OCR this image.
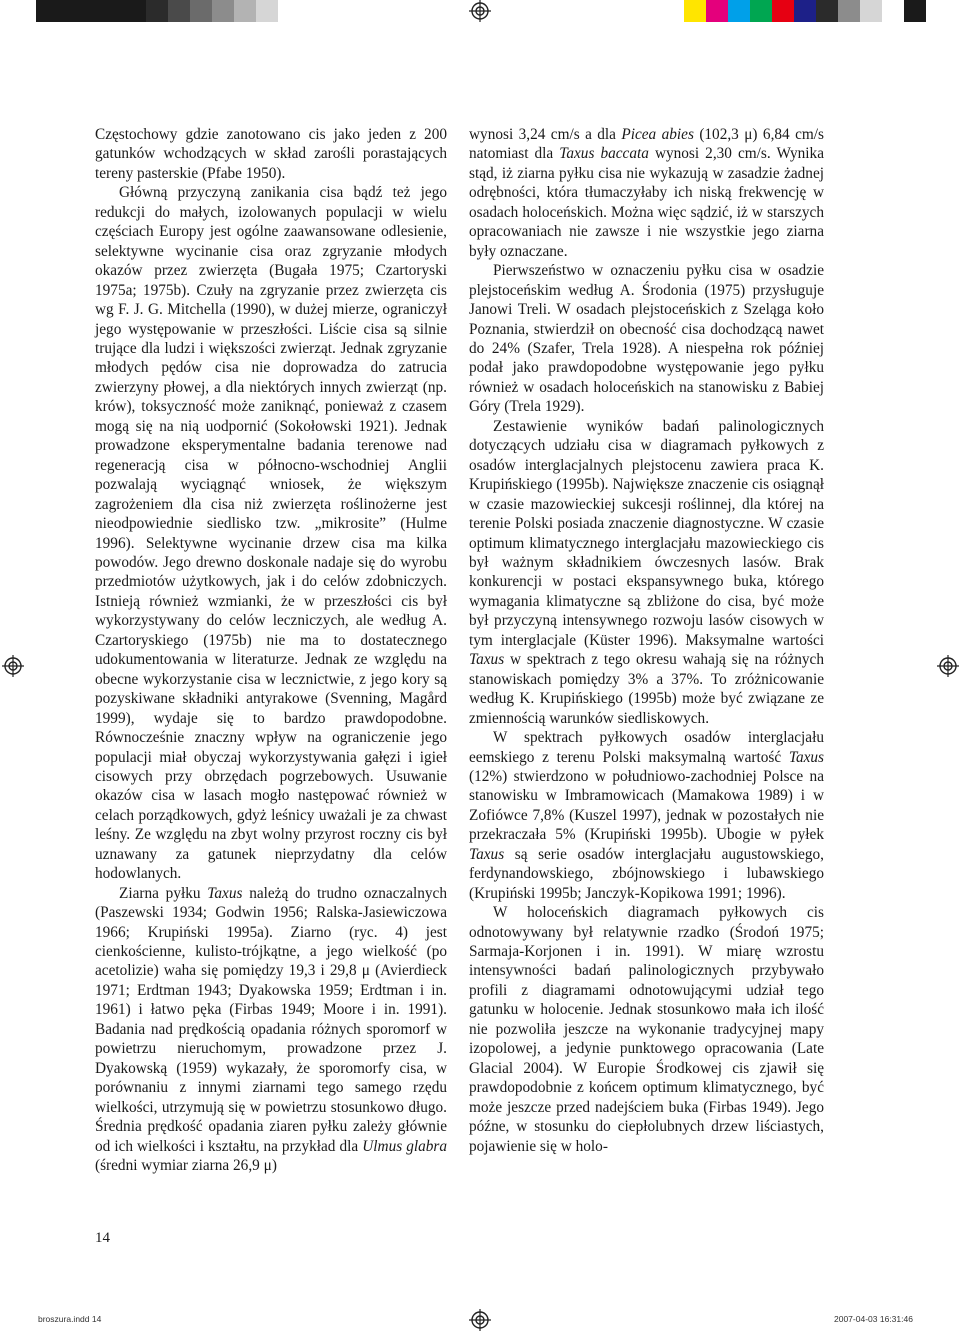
Częstochowy gdzie zanotowano cis jako jeden z 200 gatunków wchodzących w skład zarośli porastających tereny pasterskie (Pfabe 1950).

Główną przyczyną zanikania cisa bądź też jego redukcji do małych, izolowanych populacji w wielu częściach Europy jest ogólne zaawansowane odlesienie, selektywne wycinanie cisa oraz zgryzanie młodych okazów przez zwierzęta (Bugała 1975; Czartoryski 1975a; 1975b). Czuły na zgryzanie przez zwierzęta cis wg F. J. G. Mitchella (1990), w dużej mierze, ograniczył jego występowanie w przeszłości. Liście cisa są silnie trujące dla ludzi i większości zwierząt. Jednak zgryzanie młodych pędów cisa nie doprowadza do zatrucia zwierzyny płowej, a dla niektórych innych zwierząt (np. krów), toksyczność może zaniknąć, ponieważ z czasem mogą się na nią uodpornić (Sokołowski 1921). Jednak prowadzone eksperymentalne badania terenowe nad regeneracją cisa w północno-wschodniej Anglii pozwalają wyciągnąć wniosek, że większym zagrożeniem dla cisa niż zwierzęta roślinożerne jest nieodpowiednie siedlisko tzw. „mikrosite” (Hulme 1996). Selektywne wycinanie drzew cisa ma kilka powodów. Jego drewno doskonale nadaje się do wyrobu przedmiotów użytkowych, jak i do celów zdobniczych. Istnieją również wzmianki, że w przeszłości cis był wykorzystywany do celów leczniczych, ale według A. Czartoryskiego (1975b) nie ma to dostatecznego udokumentowania w literaturze. Jednak ze względu na obecne wykorzystanie cisa w lecznictwie, z jego kory są pozyskiwane składniki antyrakowe (Svenning, Magård 1999), wydaje się to bardzo prawdopodobne. Równocześnie znaczny wpływ na ograniczenie jego populacji miał obyczaj wykorzystywania gałęzi i igieł cisowych przy obrzędach pogrzebowych. Usuwanie okazów cisa w lasach mogło następować również w celach porządkowych, gdyż leśnicy uważali je za chwast leśny. Ze względu na zbyt wolny przyrost roczny cis był uznawany za gatunek nieprzydatny dla celów hodowlanych.

Ziarna pyłku Taxus należą do trudno oznaczalnych (Paszewski 1934; Godwin 1956; Ralska-Jasiewiczowa 1966; Krupiński 1995a). Ziarno (ryc. 4) jest cienkościenne, kulisto-trójkątne, a jego wielkość (po acetolizie) waha się pomiędzy 19,3 i 29,8 μ (Avierdieck 1971; Erdtman 1943; Dyakowska 1959; Erdtman i in. 1961) i łatwo pęka (Firbas 1949; Moore i in. 1991). Badania nad prędkością opadania różnych sporomorf w powietrzu nieruchomym, prowadzone przez J. Dyakowską (1959) wykazały, że sporomorfy cisa, w porównaniu z innymi ziarnami tego samego rzędu wielkości, utrzymują się w powietrzu stosunkowo długo. Średnia prędkość opadania ziaren pyłku zależy głównie od ich wielkości i kształtu, na przykład dla Ulmus glabra (średni wymiar ziarna 26,9 μ)

wynosi 3,24 cm/s a dla Picea abies (102,3 μ) 6,84 cm/s natomiast dla Taxus baccata wynosi 2,30 cm/s. Wynika stąd, iż ziarna pyłku cisa nie wykazują w zasadzie żadnej odrębności, która tłumaczyłaby ich niską frekwencję w osadach holoceńskich. Można więc sądzić, iż w starszych opracowaniach nie zawsze i nie wszystkie jego ziarna były oznaczane.

Pierwszeństwo w oznaczeniu pyłku cisa w osadzie plejstoceńskim według A. Środonia (1975) przysługuje Janowi Treli. W osadach plejstoceńskich z Szeląga koło Poznania, stwierdził on obecność cisa dochodzącą nawet do 24% (Szafer, Trela 1928). A niespełna rok później podał jako prawdopodobne występowanie jego pyłku również w osadach holoceńskich na stanowisku z Babiej Góry (Trela 1929).

Zestawienie wyników badań palinologicznych dotyczących udziału cisa w diagramach pyłkowych z osadów interglacjalnych plejstocenu zawiera praca K. Krupińskiego (1995b). Największe znaczenie cis osiągnął w czasie mazowieckiej sukcesji roślinnej, dla której na terenie Polski posiada znaczenie diagnostyczne. W czasie optimum klimatycznego interglacjału mazowieckiego cis był ważnym składnikiem ówczesnych lasów. Brak konkurencji w postaci ekspansywnego buka, którego wymagania klimatyczne są zbliżone do cisa, być może był przyczyną intensywnego rozwoju lasów cisowych w tym interglacjale (Küster 1996). Maksymalne wartości Taxus w spektrach z tego okresu wahają się na różnych stanowiskach pomiędzy 3% a 37%. To zróżnicowanie według K. Krupińskiego (1995b) może być związane ze zmiennością warunków siedliskowych.

W spektrach pyłkowych osadów interglacjału eemskiego z terenu Polski maksymalną wartość Taxus (12%) stwierdzono w południowo-zachodniej Polsce na stanowisku w Imbramowicach (Mamakowa 1989) i w Zofiówce 7,8% (Kuszel 1997), jednak w pozostałych nie przekraczała 5% (Krupiński 1995b). Ubogie w pyłek Taxus są serie osadów interglacjału augustowskiego, ferdynandowskiego, zbójnowskiego i lubawskiego (Krupiński 1995b; Janczyk-Kopikowa 1991; 1996).

W holoceńskich diagramach pyłkowych cis odnotowywany był relatywnie rzadko (Środoń 1975; Sarmaja-Korjonen i in. 1991). W miarę wzrostu intensywności badań palinologicznych przybywało profili z diagramami odnotowującymi udział tego gatunku w holocenie. Jednak stosunkowo mała ich ilość nie pozwoliła jeszcze na wykonanie tradycyjnej mapy izopolowej, a jedynie punktowego opracowania (Late Glacial 2004). W Europie Środkowej cis zjawił się prawdopodobnie z końcem optimum klimatycznego, być może jeszcze przed nadejściem buka (Firbas 1949). Jego późne, w stosunku do ciepłolubnych drzew liściastych, pojawienie się w holo-

14
broszura.indd 14	2007-04-03 16:31:46
